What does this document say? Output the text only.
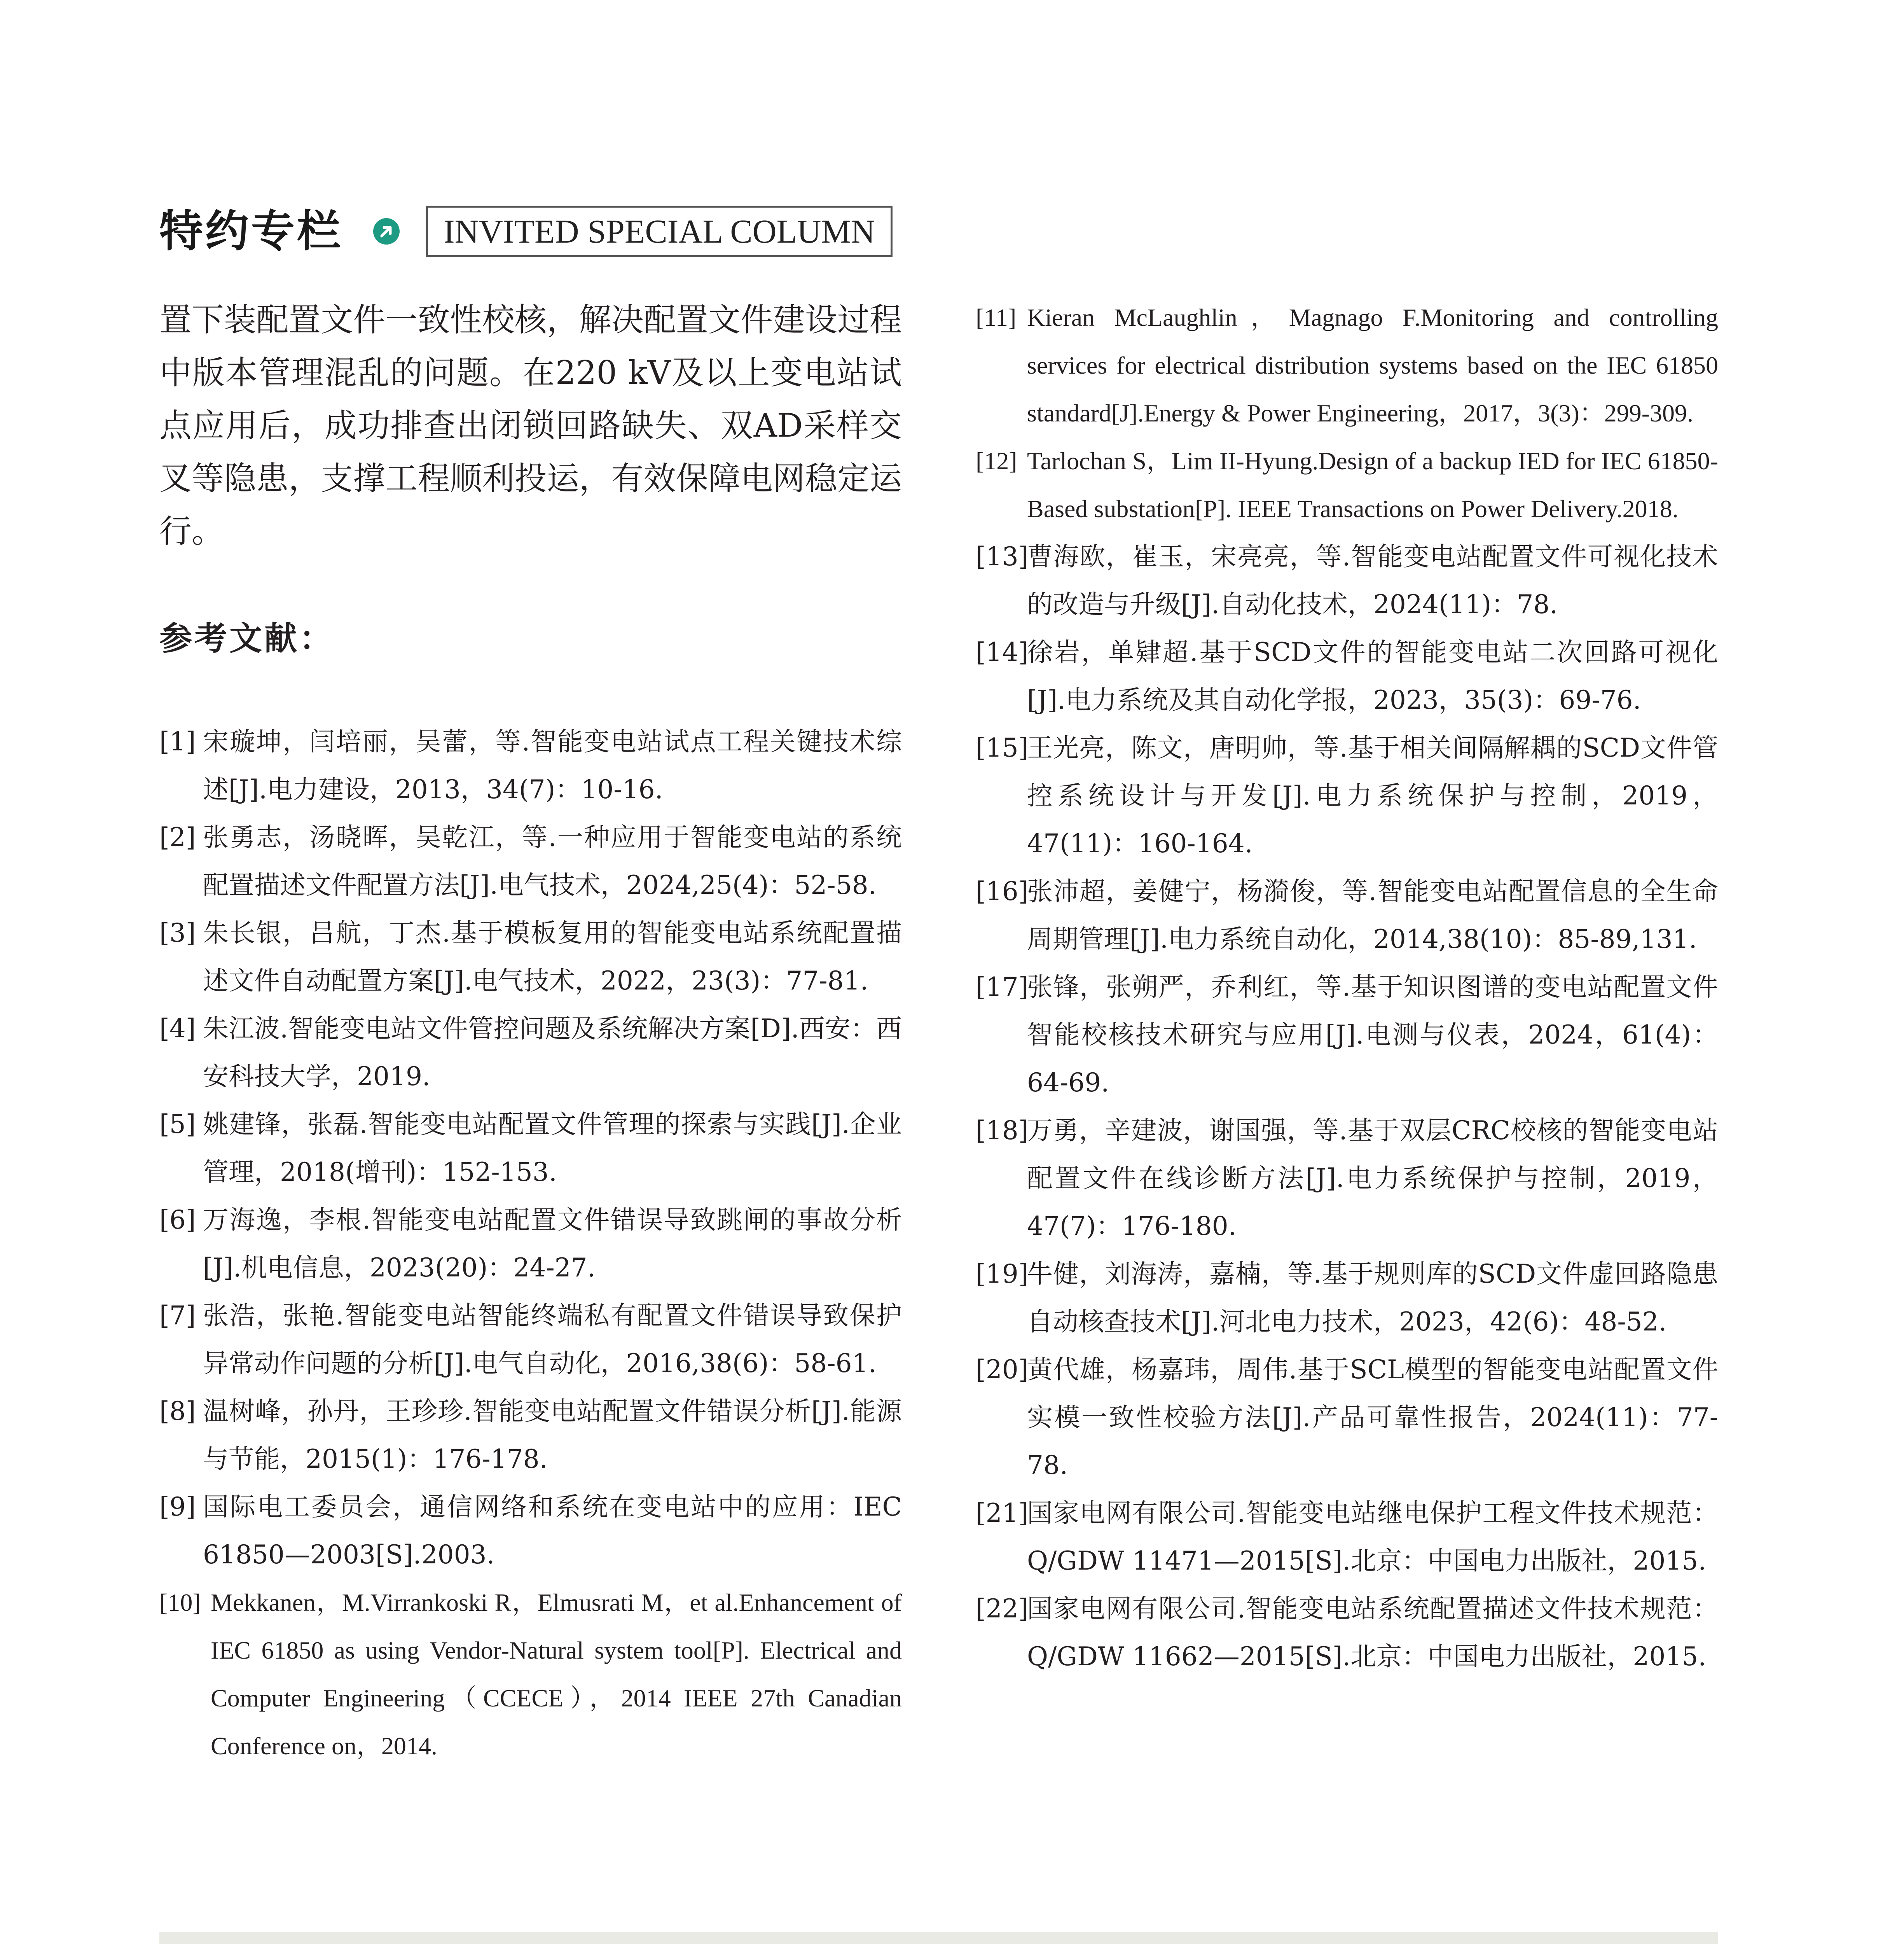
特约专栏	INVITED SPECIAL COLUMN

置下装配置文件一致性校核，解决配置文件建设过程中版本管理混乱的问题。在220 kV及以上变电站试点应用后，成功排查出闭锁回路缺失、双AD采样交叉等隐患，支撑工程顺利投运，有效保障电网稳定运行。

参考文献：
[1] 宋璇坤，闫培丽，吴蕾，等.智能变电站试点工程关键技术综述[J].电力建设，2013，34(7)：10-16.
[2] 张勇志，汤晓晖，吴乾江，等.一种应用于智能变电站的系统配置描述文件配置方法[J].电气技术，2024,25(4)：52-58.
[3] 朱长银，吕航，丁杰.基于模板复用的智能变电站系统配置描述文件自动配置方案[J].电气技术，2022，23(3)：77-81.
[4] 朱江波.智能变电站文件管控问题及系统解决方案[D].西安：西安科技大学，2019.
[5] 姚建锋，张磊.智能变电站配置文件管理的探索与实践[J].企业管理，2018(增刊)：152-153.
[6] 万海逸，李根.智能变电站配置文件错误导致跳闸的事故分析[J].机电信息，2023(20)：24-27.
[7] 张浩，张艳.智能变电站智能终端私有配置文件错误导致保护异常动作问题的分析[J].电气自动化，2016,38(6)：58-61.
[8] 温树峰，孙丹，王珍珍.智能变电站配置文件错误分析[J].能源与节能，2015(1)：176-178.
[9] 国际电工委员会，通信网络和系统在变电站中的应用：IEC 61850—2003[S].2003.
[10] Mekkanen，M.Virrankoski R，Elmusrati M，et al.Enhancement of IEC 61850 as using Vendor-Natural system tool[P]. Electrical and Computer Engineering（CCECE），2014 IEEE 27th Canadian Conference on，2014.
[11] Kieran McLaughlin，Magnago F.Monitoring and controlling services for electrical distribution systems based on the IEC 61850 standard[J].Energy & Power Engineering，2017，3(3)：299-309.
[12] Tarlochan S，Lim II-Hyung.Design of a backup IED for IEC 61850-Based substation[P]. IEEE Transactions on Power Delivery.2018.
[13]
曹海欧，崔玉，宋亮亮，等.智能变电站配置文件可视化技术的改造与升级[J].自动化技术，2024(11)：78.
[14]
徐岩，单肄超.基于SCD文件的智能变电站二次回路可视化[J].电力系统及其自动化学报，2023，35(3)：69-76.
[15]
王光亮，陈文，唐明帅，等.基于相关间隔解耦的SCD文件管控系统设计与开发[J].电力系统保护与控制，2019，47(11)：160-164.
[16]
张沛超，姜健宁，杨漪俊，等.智能变电站配置信息的全生命周期管理[J].电力系统自动化，2014,38(10)：85-89,131.
[17]
张锋，张朔严，乔利红，等.基于知识图谱的变电站配置文件智能校核技术研究与应用[J].电测与仪表，2024，61(4)：64-69.
[18]
万勇，辛建波，谢国强，等.基于双层CRC校核的智能变电站配置文件在线诊断方法[J].电力系统保护与控制，2019，47(7)：176-180.
[19]
牛健，刘海涛，嘉楠，等.基于规则库的SCD文件虚回路隐患自动核查技术[J].河北电力技术，2023，42(6)：48-52.
[20]
黄代雄，杨嘉玮，周伟.基于SCL模型的智能变电站配置文件实模一致性校验方法[J].产品可靠性报告，2024(11)：77-78.
[21]
国家电网有限公司.智能变电站继电保护工程文件技术规范：Q/GDW 11471—2015[S].北京：中国电力出版社，2015.
[22]
国家电网有限公司.智能变电站系统配置描述文件技术规范：Q/GDW 11662—2015[S].北京：中国电力出版社，2015.
